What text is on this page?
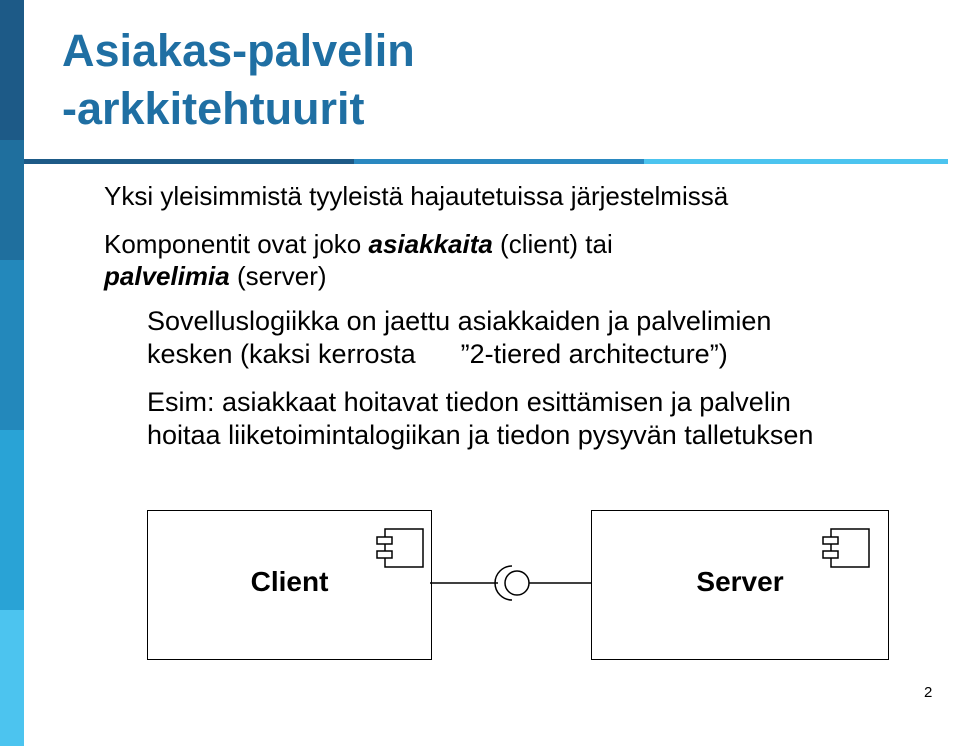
Asiakas-palvelin
-arkkitehtuurit
Yksi yleisimmistä tyyleistä hajautetuissa järjestelmissä
Komponentit ovat joko asiakkaita (client) tai
palvelimia (server)
Sovelluslogiikka on jaettu asiakkaiden ja palvelimien
kesken (kaksi kerrosta      ”2-tiered architecture”)
Esim: asiakkaat hoitavat tiedon esittämisen ja palvelin
hoitaa liiketoimintalogiikan ja tiedon pysyvän talletuksen
Client	Server
2
